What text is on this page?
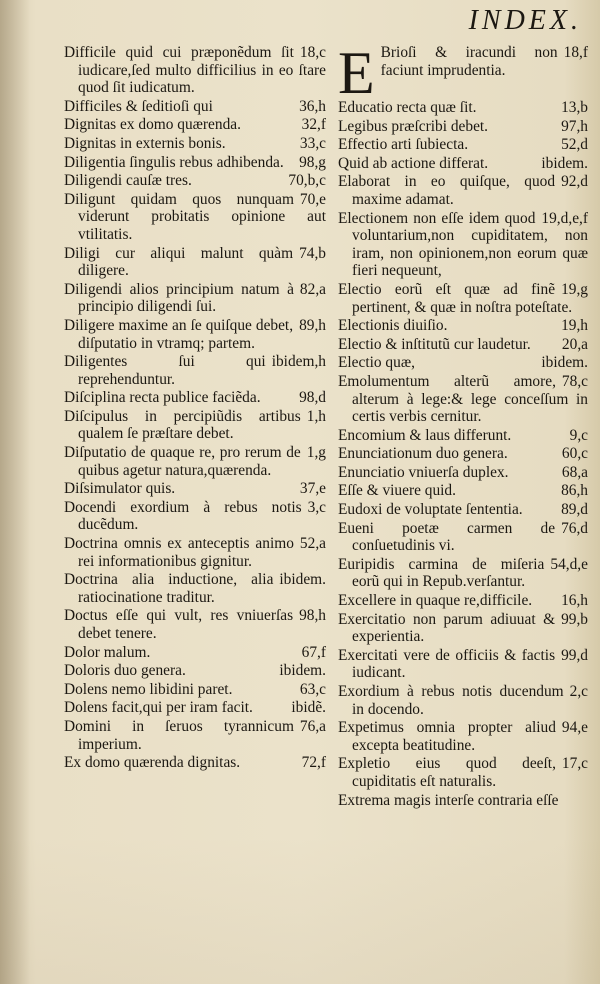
INDEX.
18,c
Difficile quid cui præponẽdum ſit iudicare,ſed multo difficilius in eo ſtare quod ſit iudicatum.
36,h
Difficiles & ſeditioſi qui
32,f
Dignitas ex domo quærenda.
33,c
Dignitas in externis bonis.
98,g
Diligentia ſingulis rebus adhibenda.
70,b,c
Diligendi cauſæ tres.
70,e
Diligunt quidam quos nunquam viderunt probitatis opinione aut vtilitatis.
74,b
Diligi cur aliqui malunt quàm diligere.
82,a
Diligendi alios principium natum à principio diligendi ſui.
89,h
Diligere maxime an ſe quiſque debet, diſputatio in vtramq; partem.
ibidem,h
Diligentes ſui qui reprehenduntur.
98,d
Diſciplina recta publice faciẽda.
1,h
Diſcipulus in percipiũdis artibus qualem ſe præſtare debet.
1,g
Diſputatio de quaque re, pro rerum de quibus agetur natura,quærenda.
37,e
Diſsimulator quis.
3,c
Docendi exordium à rebus notis ducẽdum.
52,a
Doctrina omnis ex anteceptis animo rei informationibus gignitur.
ibidem.
Doctrina alia inductione, alia ratiocinatione traditur.
98,h
Doctus eſſe qui vult, res vniuerſas debet tenere.
67,f
Dolor malum.
ibidem.
Doloris duo genera.
63,c
Dolens nemo libidini paret.
ibidẽ.
Dolens facit,qui per iram facit.
76,a
Domini in ſeruos tyrannicum imperium.
72,f
Ex domo quærenda dignitas.
E	18,f
Brioſi & iracundi non faciunt imprudentia.
13,b
Educatio recta quæ ſit.
97,h
Legibus præſcribi debet.
52,d
Effectio arti ſubiecta.
ibidem.
Quid ab actione differat.
92,d
Elaborat in eo quiſque, quod maxime adamat.
19,d,e,f
Electionem non eſſe idem quod voluntarium,non cupiditatem, non iram, non opinionem,non eorum quæ fieri nequeunt,
19,g
Electio eorũ eſt quæ ad finẽ pertinent, & quæ in noſtra poteſtate.
19,h
Electionis diuiſio.
20,a
Electio & inſtitutũ cur laudetur.
ibidem.
Electio quæ,
78,c
Emolumentum alterũ amore, alterum à lege:& lege conceſſum in certis verbis cernitur.
9,c
Encomium & laus differunt.
60,c
Enunciationum duo genera.
68,a
Enunciatio vniuerſa duplex.
86,h
Eſſe & viuere quid.
89,d
Eudoxi de voluptate ſententia.
76,d
Eueni poetæ carmen de conſuetudinis vi.
54,d,e
Euripidis carmina de miſeria eorũ qui in Repub.verſantur.
16,h
Excellere in quaque re,difficile.
99,b
Exercitatio non parum adiuuat & experientia.
99,d
Exercitati vere de officiis & factis iudicant.
2,c
Exordium à rebus notis ducendum in docendo.
94,e
Expetimus omnia propter aliud excepta beatitudine.
17,c
Expletio eius quod deeſt, cupiditatis eſt naturalis.
Extrema magis interſe contraria eſſe
